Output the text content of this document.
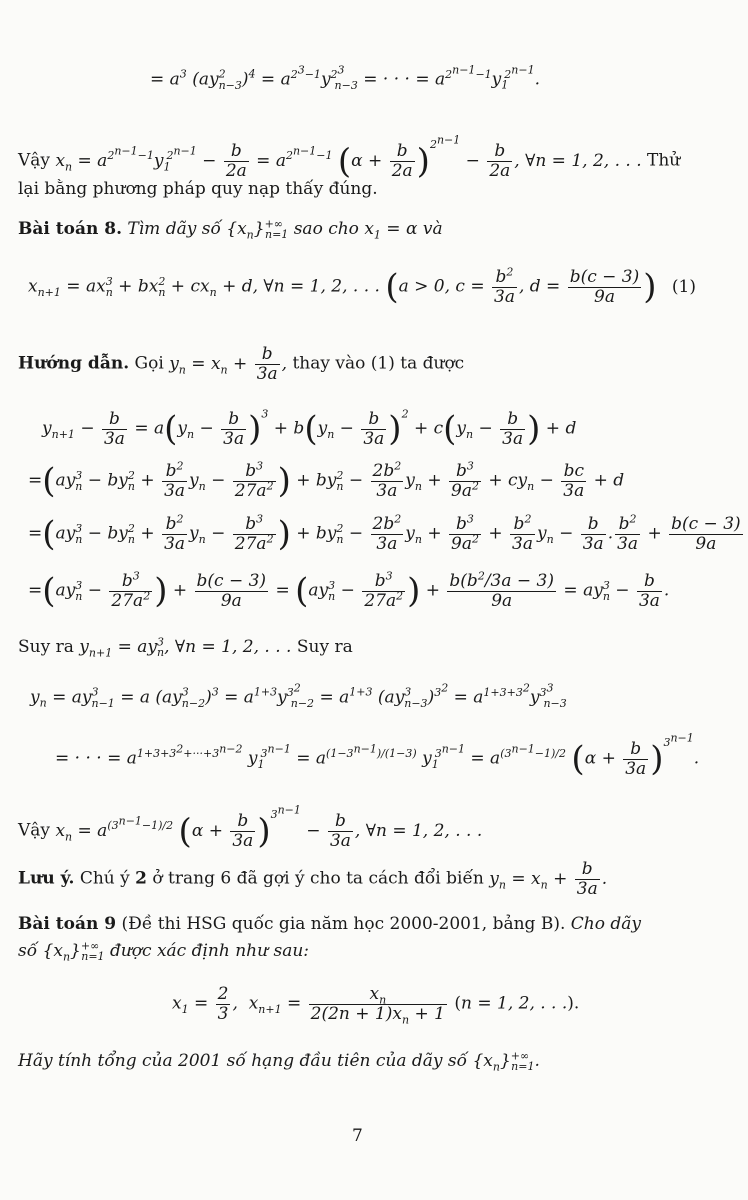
= $a^3$ $(ay^2_{n-3})^4 = a^{2^3-1}y^{2^3}_{n-3}$ = · · · = $a^{2^{n-1}-1}y_1^{2^{n-1}}$.
Vậy $x_n = a^{2^{n-1}-1}y_1^{2^{n-1}} - \frac{b}{2a} = a^{2^{n-1}-1}$ $(\alpha + \frac{b}{2a} )^{2^{n-1}} - \frac{b}{2a}$ , ∀n = 1, 2, . . . Thử
lại bằng phương pháp quy nạp thấy đúng.
Bài toán 8. Tìm dãy số $\{x_n\}^{+\infty}_{n=1}$ sao cho $x_1 = \alpha$ và
$x_{n+1} = ax^3_n + bx^2_n + cx_n + d$, ∀n = 1, 2, . . . (a > 0, $c = \frac{b^2}{3a}$ , $d = \frac{b(c - 3)}{9a}$ ) (1)
Hướng dẫn. Gọi $y_n = x_n + \frac{b}{3a}$ , thay vào (1) ta được
$y_{n+1} - \frac{b}{3a} = a(y_n - \frac{b}{3a} )^3 + b(y_n - \frac{b}{3a} )^2 + c(y_n - \frac{b}{3a}$ ) + d
$=(ay^3_n - by^2_n + \frac{b^2}{3a} y_n - \frac{b^3}{27a^2}$ ) + $by^2_n - \frac{2b^2}{3a} y_n + \frac{b^3}{9a^2} + cy_n - \frac{bc}{3a} + d$
$=(ay^3_n - by^2_n + \frac{b^2}{3a} y_n - \frac{b^3}{27a^2}$ ) + $by^2_n - \frac{2b^2}{3a} y_n + \frac{b^3}{9a^2} + \frac{b^2}{3a} y_n - \frac{b}{3a}$ . $\frac{b^2}{3a} + \frac{b(c - 3)}{9a}$
$=(ay^3_n - \frac{b^3}{27a^2}$ ) + $\frac{b(c - 3)}{9a} = (ay^3_n - \frac{b^3}{27a^2}$ ) + $\frac{b(b^2/3a - 3)}{9a} = ay^3_n - \frac{b}{3a}$ .
Suy ra $y_{n+1} = ay^3_n$, ∀n = 1, 2, . . . Suy ra
$y_n = ay^3_{n-1} = a$ $(ay^3_{n-2})^3 = a^{1+3}y^{3^2}_{n-2} = a^{1+3}$ $(ay^3_{n-3})^{3^2} = a^{1+3+3^2}y^{3^3}_{n-3}$
= · · · = $a^{1+3+3^2+\cdot\cdot\cdot+3^{n-2}}$ $y_1^{3^{n-1}} = a^{(1-3^{n-1})/(1-3)}$ $y_1^{3^{n-1}} = a^{(3^{n-1}-1)/2}$ $(\alpha + \frac{b}{3a} )^{3^{n-1}}$.
Vậy $x_n = a^{(3^{n-1}-1)/2}$ $(\alpha + \frac{b}{3a} )^{3^{n-1}} - \frac{b}{3a}$ , ∀n = 1, 2, . . .
Lưu ý. Chú ý 2 ở trang 6 đã gợi ý cho ta cách đổi biến $y_n = x_n + \frac{b}{3a}$ .
Bài toán 9 (Đề thi HSG quốc gia năm học 2000-2001, bảng B). Cho dãy
số $\{x_n\}^{+\infty}_{n=1}$ được xác định như sau:
$x_1 = \frac{2}{3}$ ,  $x_{n+1} = \frac{x_n}{2(2n + 1)x_n + 1} (n = 1$, 2, . . .).
Hãy tính tổng của 2001 số hạng đầu tiên của dãy số $\{x_n\}^{+\infty}_{n=1}$.
7
